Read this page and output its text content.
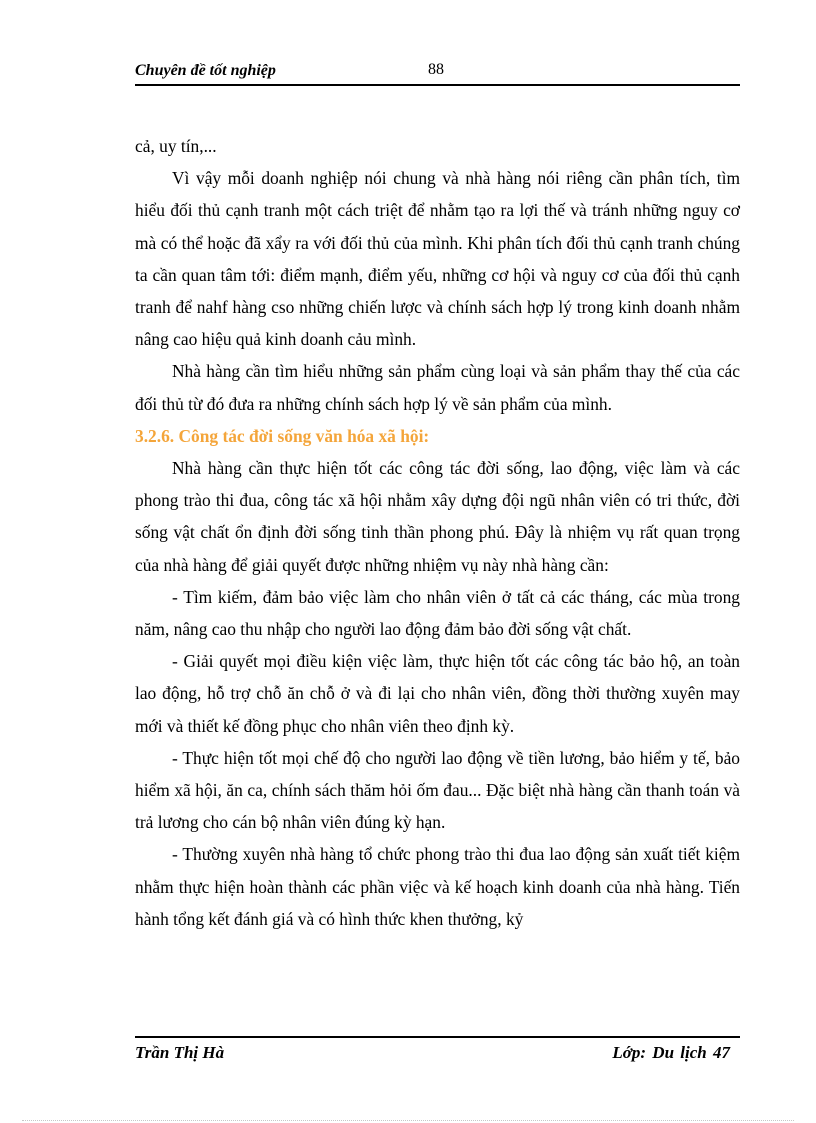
Chuyên đề tốt nghiệp	88

cả, uy tín,...

Vì vậy mỗi doanh nghiệp nói chung và nhà hàng nói riêng cần phân tích, tìm hiểu đối thủ cạnh tranh một cách triệt để nhằm tạo ra lợi thế và tránh những nguy cơ mà có thể hoặc đã xẩy ra với đối thủ của mình. Khi phân tích đối thủ cạnh tranh chúng ta cần quan tâm tới: điểm mạnh, điểm yếu, những cơ hội và nguy cơ của đối thủ cạnh tranh để nahf hàng cso những chiến lược và chính sách hợp lý trong kinh doanh nhằm nâng cao hiệu quả kinh doanh cảu mình.

Nhà hàng cần tìm hiểu những sản phẩm cùng loại và sản phẩm thay thế của các đối thủ từ đó đưa ra những chính sách hợp lý về sản phẩm của mình.

3.2.6. Công tác đời sống văn hóa xã hội:

Nhà hàng cần thực hiện tốt các công tác đời sống, lao động, việc làm và các phong trào thi đua, công tác xã hội nhằm xây dựng đội ngũ nhân viên có tri thức, đời sống vật chất ổn định đời sống tinh thần phong phú. Đây là nhiệm vụ rất quan trọng của nhà hàng để giải quyết được những nhiệm vụ này nhà hàng cần:

- Tìm kiếm, đảm bảo việc làm cho nhân viên ở tất cả các tháng, các mùa trong năm, nâng cao thu nhập cho người lao động đảm bảo đời sống vật chất.

- Giải quyết mọi điều kiện việc làm, thực hiện tốt các công tác bảo hộ, an toàn lao động, hỗ trợ chỗ ăn chỗ ở và đi lại cho nhân viên, đồng thời thường xuyên may mới và thiết kế đồng phục cho nhân viên theo định kỳ.

- Thực hiện tốt mọi chế độ cho người lao động về tiền lương, bảo hiểm y tế, bảo hiểm xã hội, ăn ca, chính sách thăm hỏi ốm đau... Đặc biệt nhà hàng cần thanh toán và trả lương cho cán bộ nhân viên đúng kỳ hạn.

- Thường xuyên nhà hàng tổ chức phong trào thi đua lao động sản xuất tiết kiệm nhằm thực hiện hoàn thành các phần việc và kế hoạch kinh doanh của nhà hàng. Tiến hành tổng kết đánh giá và có hình thức khen thưởng, kỷ

Trần Thị Hà	Lớp: Du lịch 47
